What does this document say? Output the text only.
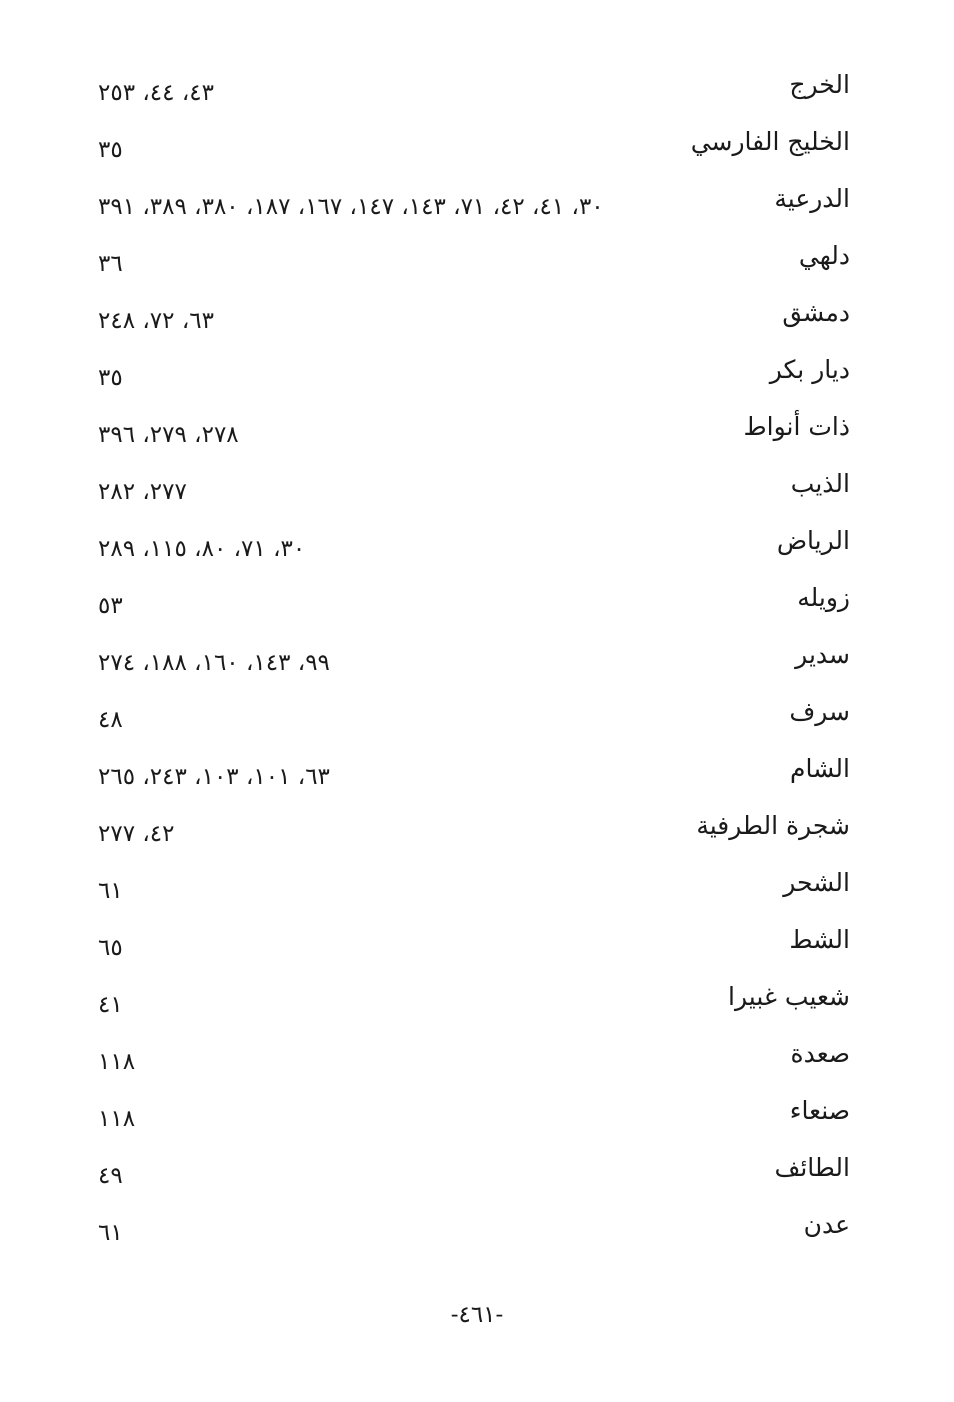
الخرج
٤٣، ٤٤، ٢٥٣
الخليج الفارسي
٣٥
الدرعية
٣٠، ٤١، ٤٢، ٧١، ١٤٣، ١٤٧، ١٦٧، ١٨٧، ٣٨٠، ٣٨٩، ٣٩١
دلهي
٣٦
دمشق
٦٣، ٧٢، ٢٤٨
ديار بكر
٣٥
ذات أنواط
٢٧٨، ٢٧٩، ٣٩٦
الذيب
٢٧٧، ٢٨٢
الرياض
٣٠، ٧١، ٨٠، ١١٥، ٢٨٩
زويله
٥٣
سدير
٩٩، ١٤٣، ١٦٠، ١٨٨، ٢٧٤
سرف
٤٨
الشام
٦٣، ١٠١، ١٠٣، ٢٤٣، ٢٦٥
شجرة الطرفية
٤٢، ٢٧٧
الشحر
٦١
الشط
٦٥
شعيب غبيرا
٤١
صعدة
١١٨
صنعاء
١١٨
الطائف
٤٩
عدن
٦١
-٤٦١-
